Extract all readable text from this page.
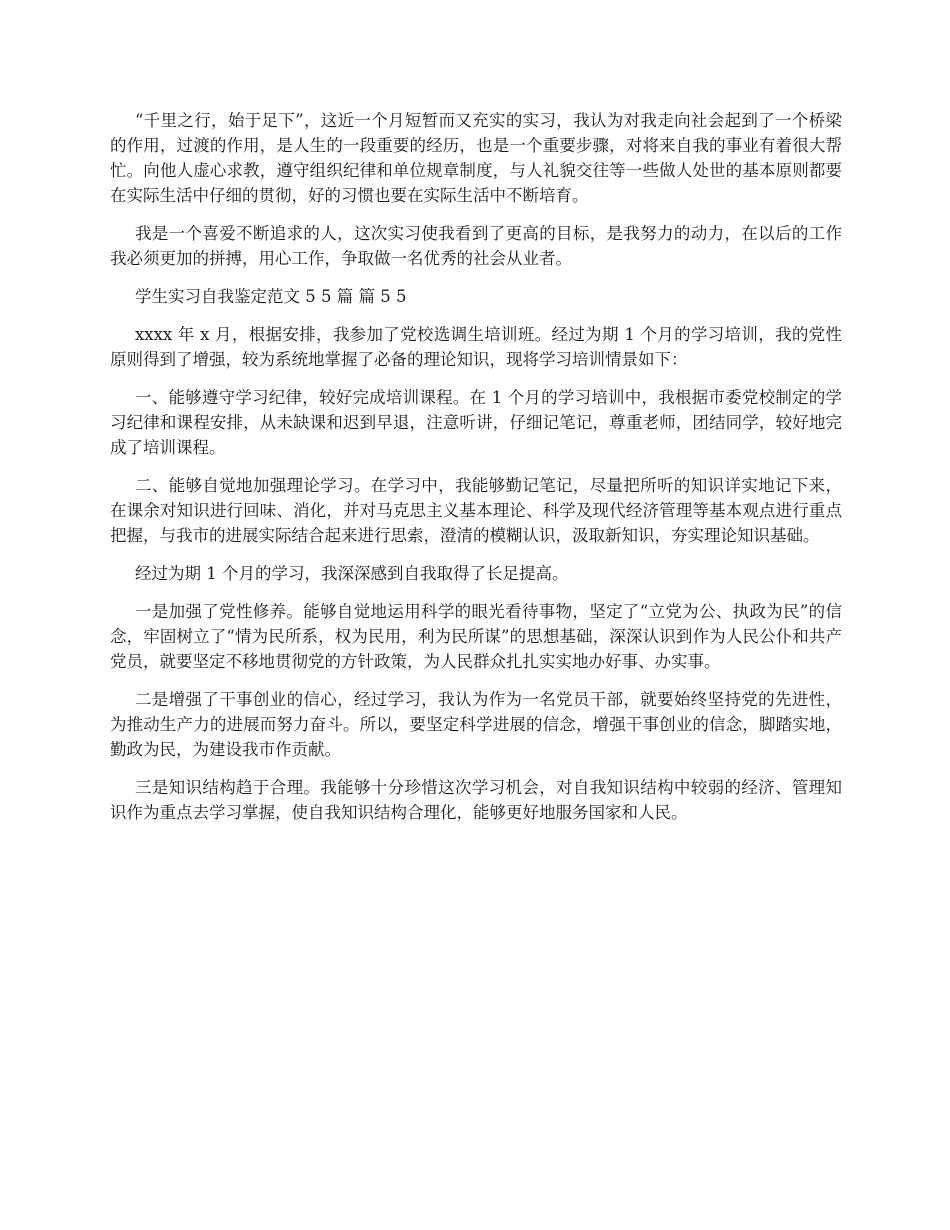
“千里之行，始于足下”，这近一个月短暂而又充实的实习，我认为对我走向社会起到了一个桥梁的作用，过渡的作用，是人生的一段重要的经历，也是一个重要步骤，对将来自我的事业有着很大帮忙。向他人虚心求教，遵守组织纪律和单位规章制度，与人礼貌交往等一些做人处世的基本原则都要在实际生活中仔细的贯彻，好的习惯也要在实际生活中不断培育。

我是一个喜爱不断追求的人，这次实习使我看到了更高的目标，是我努力的动力，在以后的工作我必须更加的拼搏，用心工作，争取做一名优秀的社会从业者。

学生实习自我鉴定范文 5 5 篇 篇 5 5

xxxx 年 x 月，根据安排，我参加了党校选调生培训班。经过为期 1 个月的学习培训，我的党性原则得到了增强，较为系统地掌握了必备的理论知识，现将学习培训情景如下：

一、能够遵守学习纪律，较好完成培训课程。在 1 个月的学习培训中，我根据市委党校制定的学习纪律和课程安排，从未缺课和迟到早退，注意听讲，仔细记笔记，尊重老师，团结同学，较好地完成了培训课程。

二、能够自觉地加强理论学习。在学习中，我能够勤记笔记，尽量把所听的知识详实地记下来，在课余对知识进行回味、消化，并对马克思主义基本理论、科学及现代经济管理等基本观点进行重点把握，与我市的进展实际结合起来进行思索，澄清的模糊认识，汲取新知识，夯实理论知识基础。

经过为期 1 个月的学习，我深深感到自我取得了长足提高。

一是加强了党性修养。能够自觉地运用科学的眼光看待事物，坚定了“立党为公、执政为民”的信念，牢固树立了“情为民所系，权为民用，利为民所谋”的思想基础，深深认识到作为人民公仆和共产党员，就要坚定不移地贯彻党的方针政策，为人民群众扎扎实实地办好事、办实事。

二是增强了干事创业的信心，经过学习，我认为作为一名党员干部，就要始终坚持党的先进性，为推动生产力的进展而努力奋斗。所以，要坚定科学进展的信念，增强干事创业的信念，脚踏实地，勤政为民，为建设我市作贡献。

三是知识结构趋于合理。我能够十分珍惜这次学习机会，对自我知识结构中较弱的经济、管理知识作为重点去学习掌握，使自我知识结构合理化，能够更好地服务国家和人民。
